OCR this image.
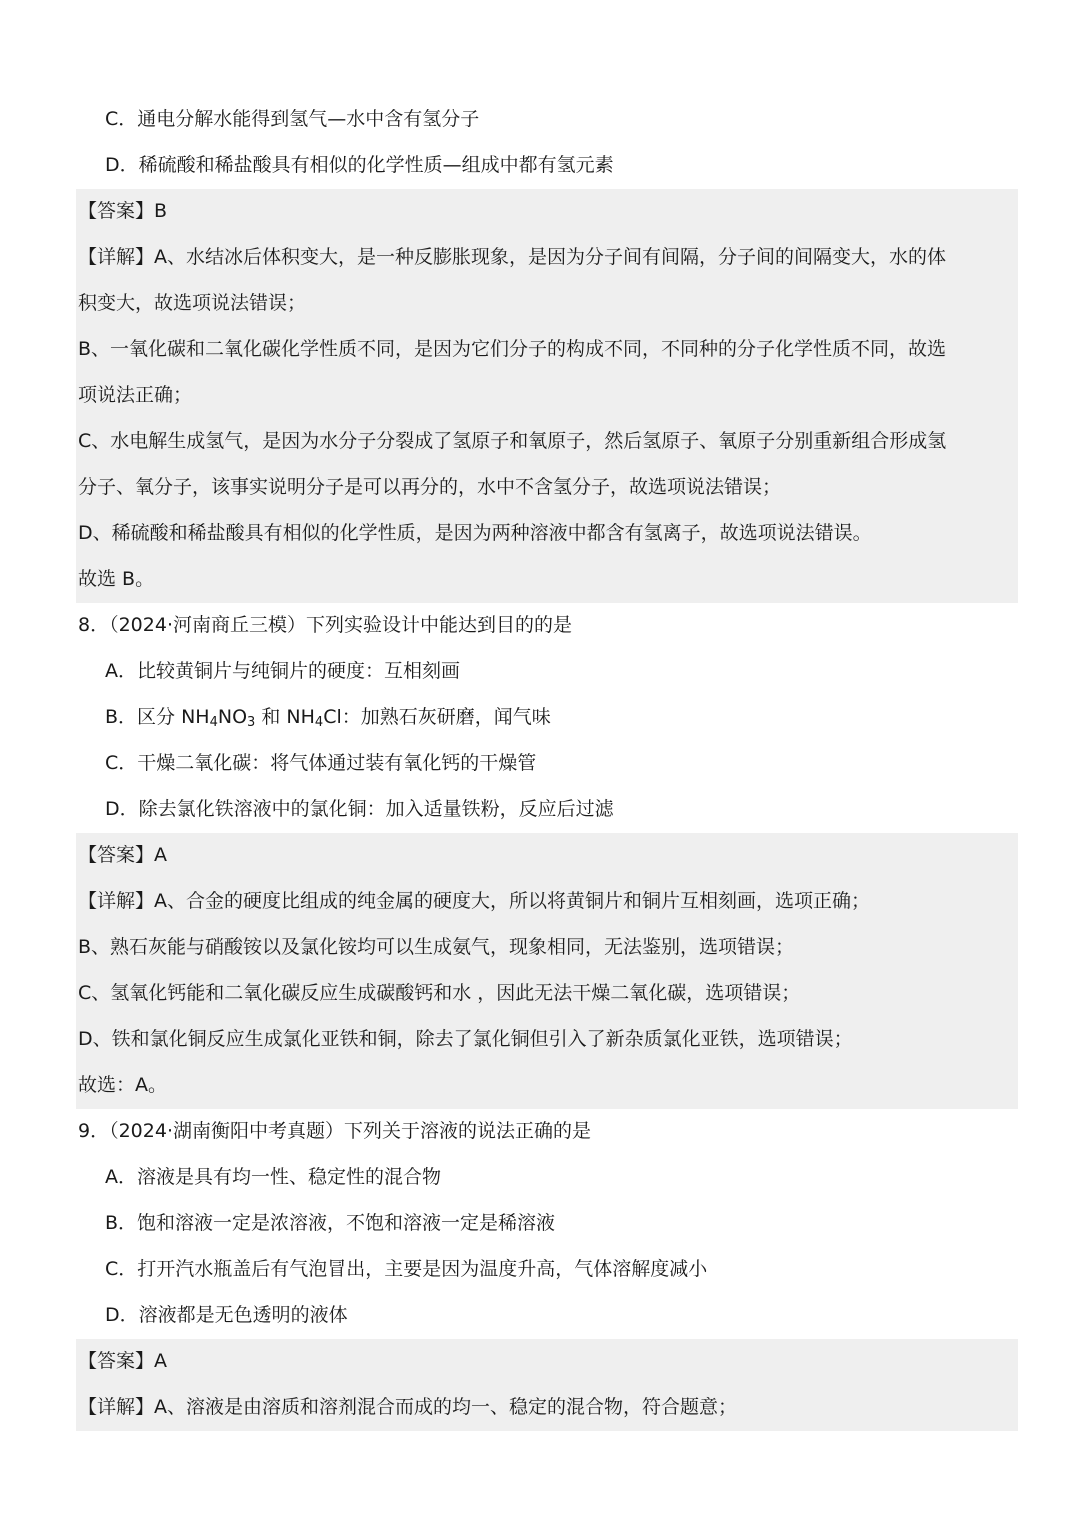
C．通电分解水能得到氢气—水中含有氢分子
D．稀硫酸和稀盐酸具有相似的化学性质—组成中都有氢元素
【答案】B
【详解】A、水结冰后体积变大，是一种反膨胀现象，是因为分子间有间隔，分子间的间隔变大，水的体
积变大，故选项说法错误；
B、一氧化碳和二氧化碳化学性质不同，是因为它们分子的构成不同，不同种的分子化学性质不同，故选
项说法正确；
C、水电解生成氢气，是因为水分子分裂成了氢原子和氧原子，然后氢原子、氧原子分别重新组合形成氢
分子、氧分子，该事实说明分子是可以再分的，水中不含氢分子，故选项说法错误；
D、稀硫酸和稀盐酸具有相似的化学性质，是因为两种溶液中都含有氢离子，故选项说法错误。
故选 B。
8．（2024·河南商丘三模）下列实验设计中能达到目的的是
A．比较黄铜片与纯铜片的硬度：互相刻画
B．区分 $NH_4NO_3$ 和 $NH_4Cl$：加熟石灰研磨，闻气味
C．干燥二氧化碳：将气体通过装有氧化钙的干燥管
D．除去氯化铁溶液中的氯化铜：加入适量铁粉，反应后过滤
【答案】A
【详解】A、合金的硬度比组成的纯金属的硬度大，所以将黄铜片和铜片互相刻画，选项正确；
B、熟石灰能与硝酸铵以及氯化铵均可以生成氨气，现象相同，无法鉴别，选项错误；
C、氢氧化钙能和二氧化碳反应生成碳酸钙和水 ，因此无法干燥二氧化碳，选项错误；
D、铁和氯化铜反应生成氯化亚铁和铜，除去了氯化铜但引入了新杂质氯化亚铁，选项错误；
故选：A。
9．（2024·湖南衡阳中考真题）下列关于溶液的说法正确的是
A．溶液是具有均一性、稳定性的混合物
B．饱和溶液一定是浓溶液，不饱和溶液一定是稀溶液
C．打开汽水瓶盖后有气泡冒出，主要是因为温度升高，气体溶解度减小
D．溶液都是无色透明的液体
【答案】A
【详解】A、溶液是由溶质和溶剂混合而成的均一、稳定的混合物，符合题意；
